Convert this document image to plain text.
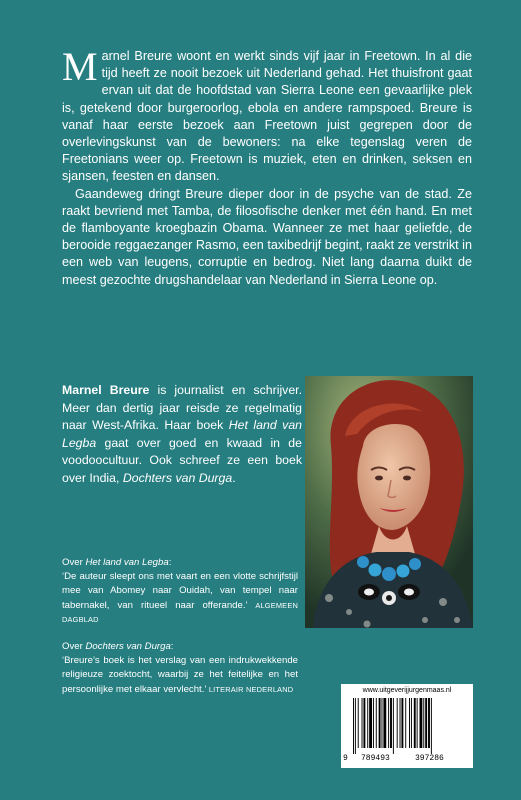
Marnel Breure woont en werkt sinds vijf jaar in Freetown. In al die tijd heeft ze nooit bezoek uit Nederland gehad. Het thuisfront gaat ervan uit dat de hoofdstad van Sierra Leone een gevaarlijke plek is, getekend door burgeroorlog, ebola en andere rampspoed. Breure is vanaf haar eerste bezoek aan Freetown juist gegrepen door de overlevingskunst van de bewoners: na elke tegenslag veren de Freetonians weer op. Freetown is muziek, eten en drinken, seksen en sjansen, feesten en dansen.

Gaandeweg dringt Breure dieper door in de psyche van de stad. Ze raakt bevriend met Tamba, de filosofische denker met één hand. En met de flamboyante kroegbazin Obama. Wanneer ze met haar geliefde, de berooide reggaezanger Rasmo, een taxibedrijf begint, raakt ze verstrikt in een web van leugens, corruptie en bedrog. Niet lang daarna duikt de meest gezochte drugshandelaar van Nederland in Sierra Leone op.

Marnel Breure is journalist en schrijver. Meer dan dertig jaar reisde ze regelmatig naar West-Afrika. Haar boek Het land van Legba gaat over goed en kwaad in de voodoocultuur. Ook schreef ze een boek over India, Dochters van Durga.

Over Het land van Legba:

‘De auteur sleept ons met vaart en een vlotte schrijfstijl mee van Abomey naar Ouidah, van tempel naar tabernakel, van ritueel naar offerande.’ ALGEMEEN DAGBLAD

Over Dochters van Durga:

‘Breure’s boek is het verslag van een indrukwekkende religieuze zoektocht, waarbij ze het feitelijke en het persoonlijke met elkaar vervlecht.’ LITERAIR NEDERLAND	www.uitgeverijjurgenmaas.nl
9 789493	397286
